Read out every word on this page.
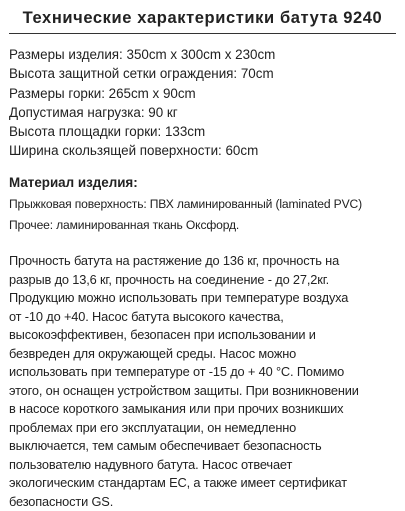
Технические характеристики батута 9240
Размеры изделия: 350cm x 300cm x 230cm
Высота защитной сетки ограждения: 70cm
Размеры горки: 265cm x 90cm
Допустимая нагрузка: 90 кг
Высота площадки горки: 133cm
Ширина скользящей поверхности: 60cm
Материал изделия:
Прыжковая поверхность: ПВХ ламинированный (laminated PVC)
Прочее: ламинированная ткань Оксфорд.
Прочность батута на растяжение до 136 кг, прочность на
разрыв до 13,6 кг, прочность на соединение - до 27,2кг.
Продукцию можно использовать при температуре воздуха
от -10 до +40. Насос батута высокого качества,
высокоэффективен, безопасен при использовании и
безвреден для окружающей среды. Насос можно
использовать при температуре от -15 до + 40 °C. Помимо
этого, он оснащен устройством защиты. При возникновении
в насосе короткого замыкания или при прочих возникших
проблемах при его эксплуатации, он немедленно
выключается, тем самым обеспечивает безопасность
пользователю надувного батута. Насос отвечает
экологическим стандартам ЕС, а также имеет сертификат
безопасности GS.
